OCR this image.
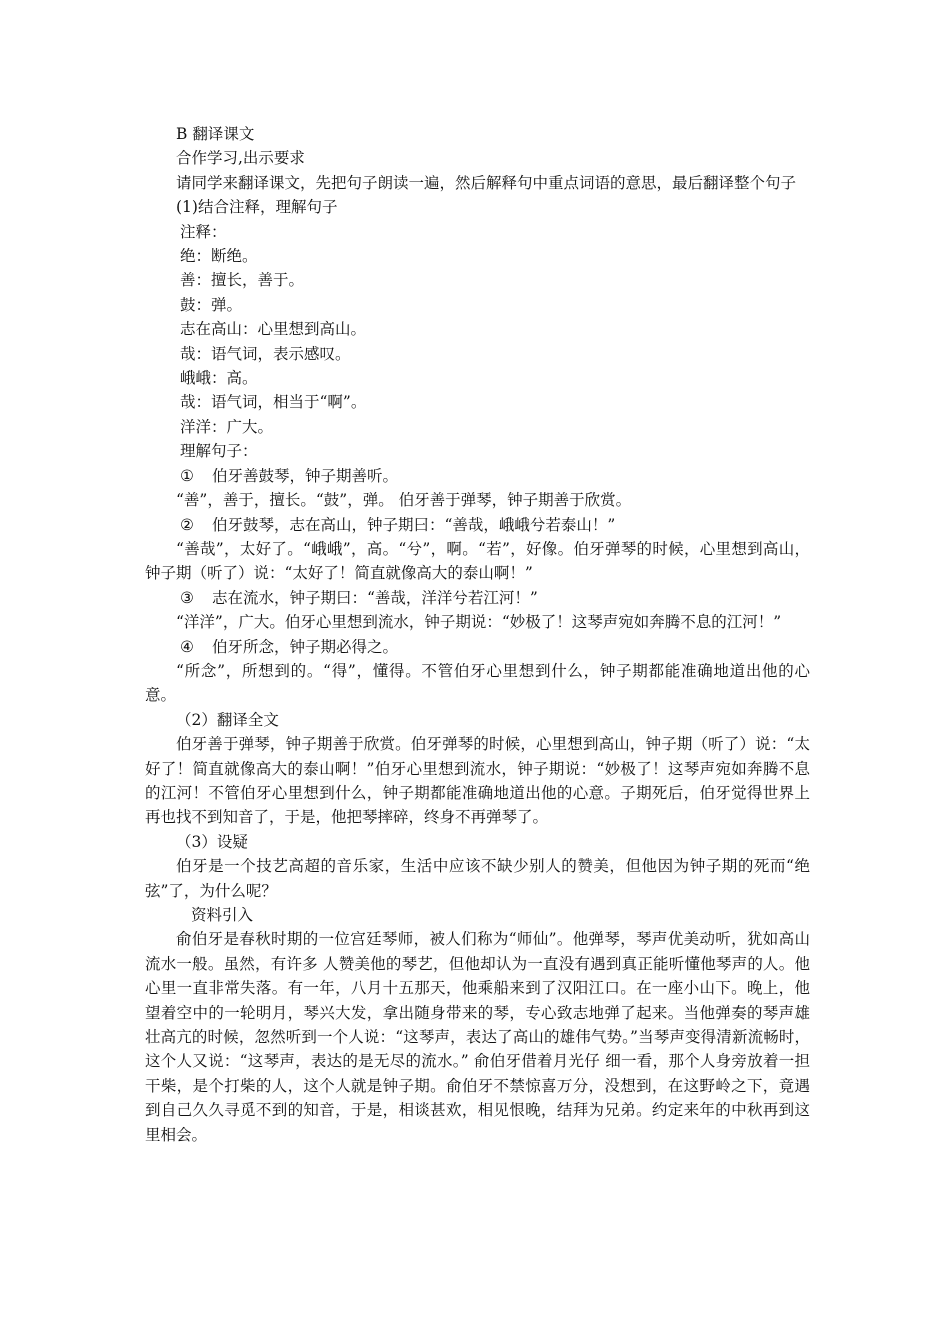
B 翻译课文
合作学习,出示要求
请同学来翻译课文，先把句子朗读一遍，然后解释句中重点词语的意思，最后翻译整个句子
(1)结合注释，理解句子
注释：
绝：断绝。
善：擅长，善于。
鼓：弹。
志在高山：心里想到高山。
哉：语气词，表示感叹。
峨峨：高。
哉：语气词，相当于“啊”。
洋洋：广大。
理解句子：
① 伯牙善鼓琴，钟子期善听。
“善”，善于，擅长。“鼓”，弹。 伯牙善于弹琴，钟子期善于欣赏。
② 伯牙鼓琴，志在高山，钟子期曰：“善哉，峨峨兮若泰山！”
“善哉”，太好了。“峨峨”，高。“兮”，啊。“若”，好像。伯牙弹琴的时候，心里想到高山，钟子期（听了）说：“太好了！简直就像高大的泰山啊！”
③ 志在流水，钟子期曰：“善哉，洋洋兮若江河！”
“洋洋”，广大。伯牙心里想到流水，钟子期说：“妙极了！这琴声宛如奔腾不息的江河！”
④ 伯牙所念，钟子期必得之。
“所念”，所想到的。“得”，懂得。不管伯牙心里想到什么，钟子期都能准确地道出他的心意。
（2）翻译全文
伯牙善于弹琴，钟子期善于欣赏。伯牙弹琴的时候，心里想到高山，钟子期（听了）说：“太好了！简直就像高大的泰山啊！”伯牙心里想到流水，钟子期说：“妙极了！这琴声宛如奔腾不息的江河！不管伯牙心里想到什么，钟子期都能准确地道出他的心意。子期死后，伯牙觉得世界上再也找不到知音了，于是，他把琴摔碎，终身不再弹琴了。
（3）设疑
伯牙是一个技艺高超的音乐家，生活中应该不缺少别人的赞美，但他因为钟子期的死而“绝弦”了，为什么呢？
资料引入
俞伯牙是春秋时期的一位宫廷琴师，被人们称为“师仙”。他弹琴，琴声优美动听，犹如高山流水一般。虽然，有许多 人赞美他的琴艺，但他却认为一直没有遇到真正能听懂他琴声的人。他心里一直非常失落。有一年，八月十五那天，他乘船来到了汉阳江口。在一座小山下。晚上，他望着空中的一轮明月，琴兴大发，拿出随身带来的琴，专心致志地弹了起来。当他弹奏的琴声雄壮高亢的时候，忽然听到一个人说：“这琴声，表达了高山的雄伟气势。”当琴声变得清新流畅时，这个人又说：“这琴声，表达的是无尽的流水。” 俞伯牙借着月光仔 细一看，那个人身旁放着一担干柴，是个打柴的人，这个人就是钟子期。俞伯牙不禁惊喜万分，没想到，在这野岭之下，竟遇到自己久久寻觅不到的知音，于是，相谈甚欢，相见恨晚，结拜为兄弟。约定来年的中秋再到这里相会。
